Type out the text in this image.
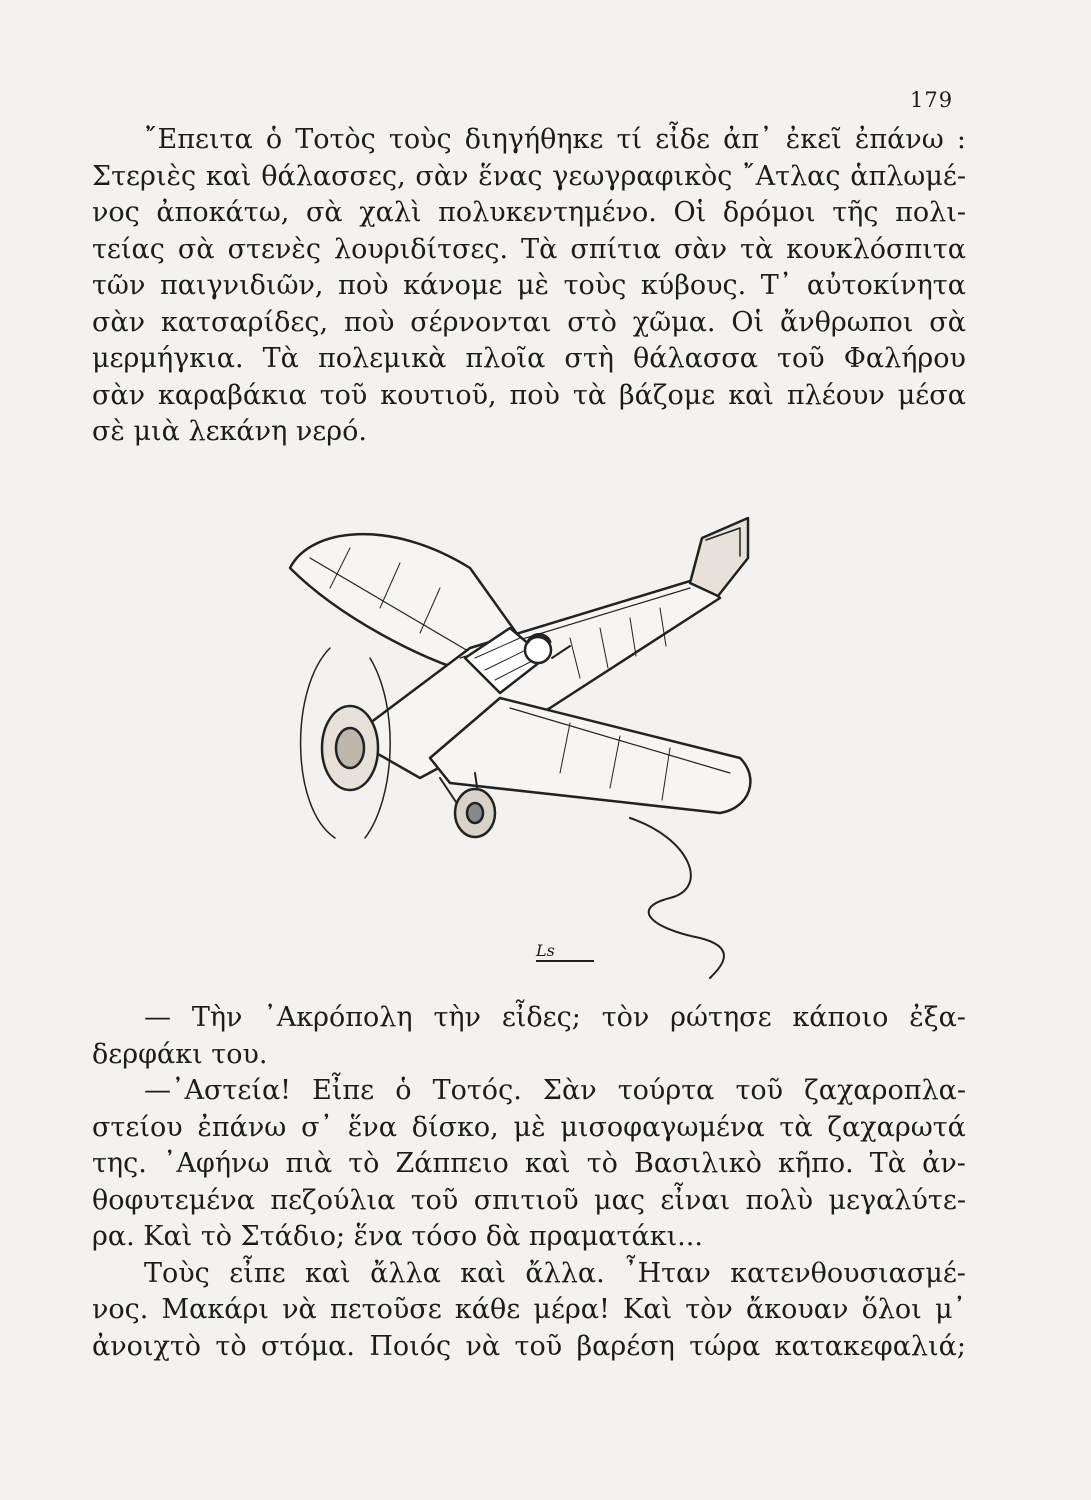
179
῎Επειτα ὁ Τοτὸς τοὺς διηγήθηκε τί εἶδε ἀπ᾿ ἐκεῖ ἐπάνω :
Στεριὲς καὶ θάλασσες, σὰν ἕνας γεωγραφικὸς ῎Ατλας ἁπλωμέ-
νος ἀποκάτω, σὰ χαλὶ πολυκεντημένο. Οἱ δρόμοι τῆς πολι-
τείας σὰ στενὲς λουριδίτσες. Τὰ σπίτια σὰν τὰ κουκλόσπιτα
τῶν παιγνιδιῶν, ποὺ κάνομε μὲ τοὺς κύβους. Τ᾿ αὐτοκίνητα
σὰν κατσαρίδες, ποὺ σέρνονται στὸ χῶμα. Οἱ ἄνθρωποι σὰ
μερμήγκια. Τὰ πολεμικὰ πλοῖα στὴ θάλασσα τοῦ Φαλήρου
σὰν καραβάκια τοῦ κουτιοῦ, ποὺ τὰ βάζομε καὶ πλέουν μέσα
σὲ μιὰ λεκάνη νερό.
Ls
— Τὴν ᾿Ακρόπολη τὴν εἶδες; τὸν ρώτησε κάποιο ἐξα-
δερφάκι του.
—᾿Αστεία! Εἶπε ὁ Τοτός. Σὰν τούρτα τοῦ ζαχαροπλα-
στείου ἐπάνω σ᾿ ἕνα δίσκο, μὲ μισοφαγωμένα τὰ ζαχαρωτά
της. ᾿Αφήνω πιὰ τὸ Ζάππειο καὶ τὸ Βασιλικὸ κῆπο. Τὰ ἀν-
θοφυτεμένα πεζούλια τοῦ σπιτιοῦ μας εἶναι πολὺ μεγαλύτε-
ρα. Καὶ τὸ Στάδιο; ἕνα τόσο δὰ πραματάκι...
Τοὺς εἶπε καὶ ἄλλα καὶ ἄλλα. ῏Ηταν κατενθουσιασμέ-
νος. Μακάρι νὰ πετοῦσε κάθε μέρα! Καὶ τὸν ἄκουαν ὅλοι μ᾿
ἀνοιχτὸ τὸ στόμα. Ποιός νὰ τοῦ βαρέση τώρα κατακεφαλιά;
